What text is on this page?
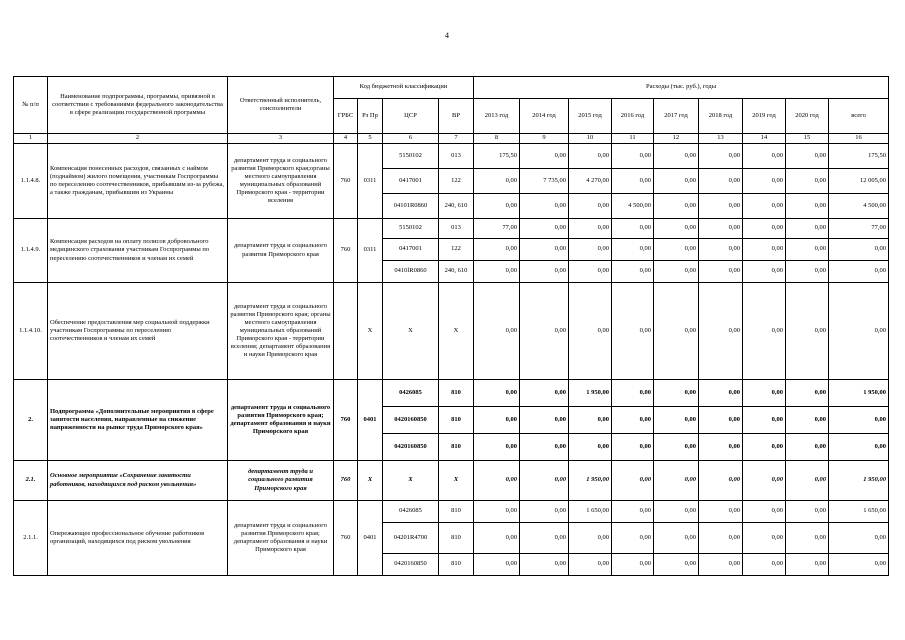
4
№ п/п	Наименование подпрограммы, программы, привязной в соответствии с требованиями федерального законодательства в сфере реализации государственной программы	Ответственный исполнитель, соисполнители	Код бюджетной классификации				Расходы (тыс. руб.), годы								
			ГРБС	Рз Пр	ЦСР	ВР	2013 год	2014 год	2015 год	2016 год	2017 год	2018 год	2019 год	2020 год	всего
1	2	3	4	5	6	7	8	9	10	11	12	13	14	15	16
1.1.4.8.	Компенсация понесенных расходов, связанных с наймом (поднаймом) жилого помещения, участникам Госпрограммы по переселению соотечественников, прибывшим из-за рубежа, а также гражданам, прибывшим из Украины	департамент труда и социального развития Приморского края;органы местного самоуправления муниципальных образований Приморского края - территории вселения	760	0311	5150102	013	175,50	0,00	0,00	0,00	0,00	0,00	0,00	0,00	175,50
					0417001	122	0,00	7 735,00	4 270,00	0,00	0,00	0,00	0,00	0,00	12 005,00
					04101R0860	240, 610	0,00	0,00	0,00	4 500,00	0,00	0,00	0,00	0,00	4 500,00
1.1.4.9.	Компенсация расходов на оплату полисов добровольного медицинского страхования участникам Госпрограммы по переселению соотечественников и членам их семей	департамент труда и социального развития Приморского края	760	0311	5150102	013	77,00	0,00	0,00	0,00	0,00	0,00	0,00	0,00	77,00
					0417001	122	0,00	0,00	0,00	0,00	0,00	0,00	0,00	0,00	0,00
					0410lR0860	240, 610	0,00	0,00	0,00	0,00	0,00	0,00	0,00	0,00	0,00
1.1.4.10.	Обеспечение предоставления мер социальной поддержки участникам Госпрограммы по переселению соотечественников и членам их семей	департамент труда и социального развития Приморского края; органы местного самоуправления муниципальных образований Приморского края - территории вселения; департамент образования и науки Приморского края		X	X	X	0,00	0,00	0,00	0,00	0,00	0,00	0,00	0,00	0,00
2.	Подпрограмма «Дополнительные мероприятия в сфере занятости населения, направленные на снижение напряженности на рынке труда Приморского края»	департамент труда и социального развития Приморского края; департамент образования и науки Приморского края	760	0401	0426085	810	0,00	0,00	1 950,00	0,00	0,00	0,00	0,00	0,00	1 950,00
					0420160850	810	0,00	0,00	0,00	0,00	0,00	0,00	0,00	0,00	0,00
					0420160850	810	0,00	0,00	0,00	0,00	0,00	0,00	0,00	0,00	0,00
2.1.	Основное мероприятие «Сохранение занятости работников, находящихся под риском увольнения»	департамент труда и социального развития Приморского края	760	X	X	X	0,00	0,00	1 950,00	0,00	0,00	0,00	0,00	0,00	1 950,00
2.1.1.	Опережающее профессиональное обучение работников организаций, находящихся под риском увольнения	департамент труда и социального развития Приморского края; департамент образования и науки Приморского края	760	0401	0426085	810	0,00	0,00	1 650,00	0,00	0,00	0,00	0,00	0,00	1 650,00
					04201R4700	810	0,00	0,00	0,00	0,00	0,00	0,00	0,00	0,00	0,00
					0420160850	810	0,00	0,00	0,00	0,00	0,00	0,00	0,00	0,00	0,00
